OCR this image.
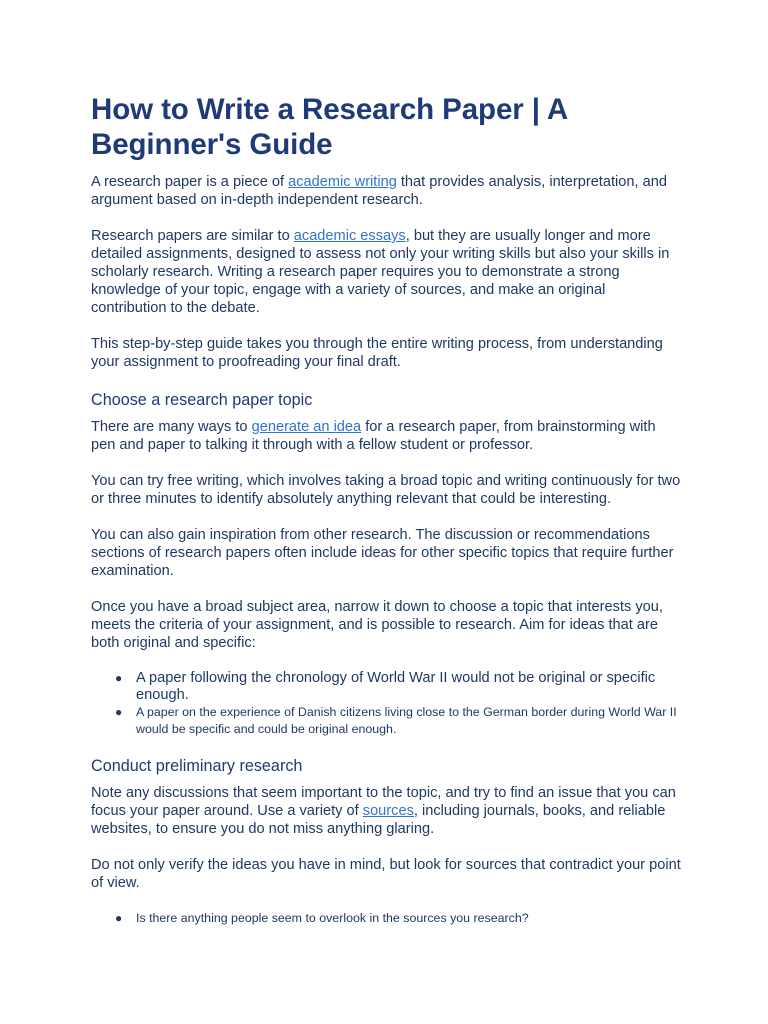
How to Write a Research Paper | A Beginner's Guide

A research paper is a piece of academic writing that provides analysis, interpretation, and argument based on in-depth independent research.

Research papers are similar to academic essays, but they are usually longer and more detailed assignments, designed to assess not only your writing skills but also your skills in scholarly research. Writing a research paper requires you to demonstrate a strong knowledge of your topic, engage with a variety of sources, and make an original contribution to the debate.

This step-by-step guide takes you through the entire writing process, from understanding your assignment to proofreading your final draft.

Choose a research paper topic

There are many ways to generate an idea for a research paper, from brainstorming with pen and paper to talking it through with a fellow student or professor.

You can try free writing, which involves taking a broad topic and writing continuously for two or three minutes to identify absolutely anything relevant that could be interesting.

You can also gain inspiration from other research. The discussion or recommendations sections of research papers often include ideas for other specific topics that require further examination.

Once you have a broad subject area, narrow it down to choose a topic that interests you, meets the criteria of your assignment, and is possible to research. Aim for ideas that are both original and specific:

● A paper following the chronology of World War II would not be original or specific enough.
● A paper on the experience of Danish citizens living close to the German border during World War II would be specific and could be original enough.
Conduct preliminary research

Note any discussions that seem important to the topic, and try to find an issue that you can focus your paper around. Use a variety of sources, including journals, books, and reliable websites, to ensure you do not miss anything glaring.

Do not only verify the ideas you have in mind, but look for sources that contradict your point of view.

● Is there anything people seem to overlook in the sources you research?
